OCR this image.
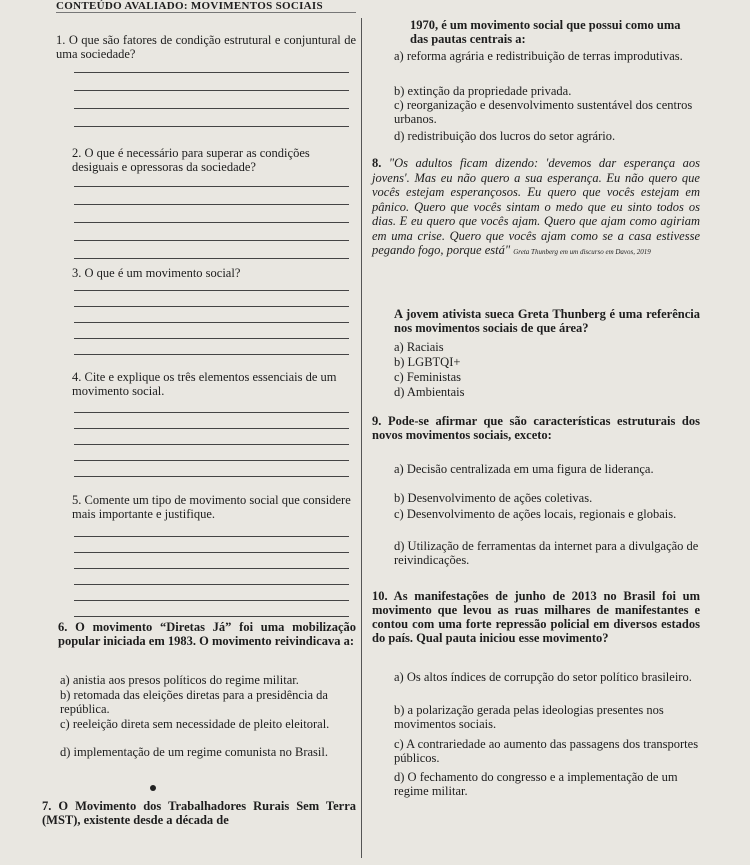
CONTEÚDO AVALIADO: MOVIMENTOS SOCIAIS
1. O que são fatores de condição estrutural e conjuntural de uma sociedade?
2. O que é necessário para superar as condições desiguais e opressoras da sociedade?
3. O que é um movimento social?
4. Cite e explique os três elementos essenciais de um movimento social.
5. Comente um tipo de movimento social que considere mais importante e justifique.
6. O movimento “Diretas Já” foi uma mobilização popular iniciada em 1983. O movimento reivindicava a:
a) anistia aos presos políticos do regime militar.
b) retomada das eleições diretas para a presidência da república.
c) reeleição direta sem necessidade de pleito eleitoral.
d) implementação de um regime comunista no Brasil.
7. O Movimento dos Trabalhadores Rurais Sem Terra (MST), existente desde a década de
1970, é um movimento social que possui como uma das pautas centrais a:
a) reforma agrária e redistribuição de terras improdutivas.
b) extinção da propriedade privada.
c) reorganização e desenvolvimento sustentável dos centros urbanos.
d) redistribuição dos lucros do setor agrário.
8. "Os adultos ficam dizendo: 'devemos dar esperança aos jovens'. Mas eu não quero a sua esperança. Eu não quero que vocês estejam esperançosos. Eu quero que vocês estejam em pânico. Quero que vocês sintam o medo que eu sinto todos os dias. E eu quero que vocês ajam. Quero que ajam como agiriam em uma crise. Quero que vocês ajam como se a casa estivesse pegando fogo, porque está" Greta Thunberg em um discurso em Davos, 2019
A jovem ativista sueca Greta Thunberg é uma referência nos movimentos sociais de que área?
a) Raciais
b) LGBTQI+
c) Feministas
d) Ambientais
9. Pode-se afirmar que são características estruturais dos novos movimentos sociais, exceto:
a) Decisão centralizada em uma figura de liderança.
b) Desenvolvimento de ações coletivas.
c) Desenvolvimento de ações locais, regionais e globais.
d) Utilização de ferramentas da internet para a divulgação de reivindicações.
10. As manifestações de junho de 2013 no Brasil foi um movimento que levou as ruas milhares de manifestantes e contou com uma forte repressão policial em diversos estados do país. Qual pauta iniciou esse movimento?
a) Os altos índices de corrupção do setor político brasileiro.
b) a polarização gerada pelas ideologias presentes nos movimentos sociais.
c) A contrariedade ao aumento das passagens dos transportes públicos.
d) O fechamento do congresso e a implementação de um regime militar.
